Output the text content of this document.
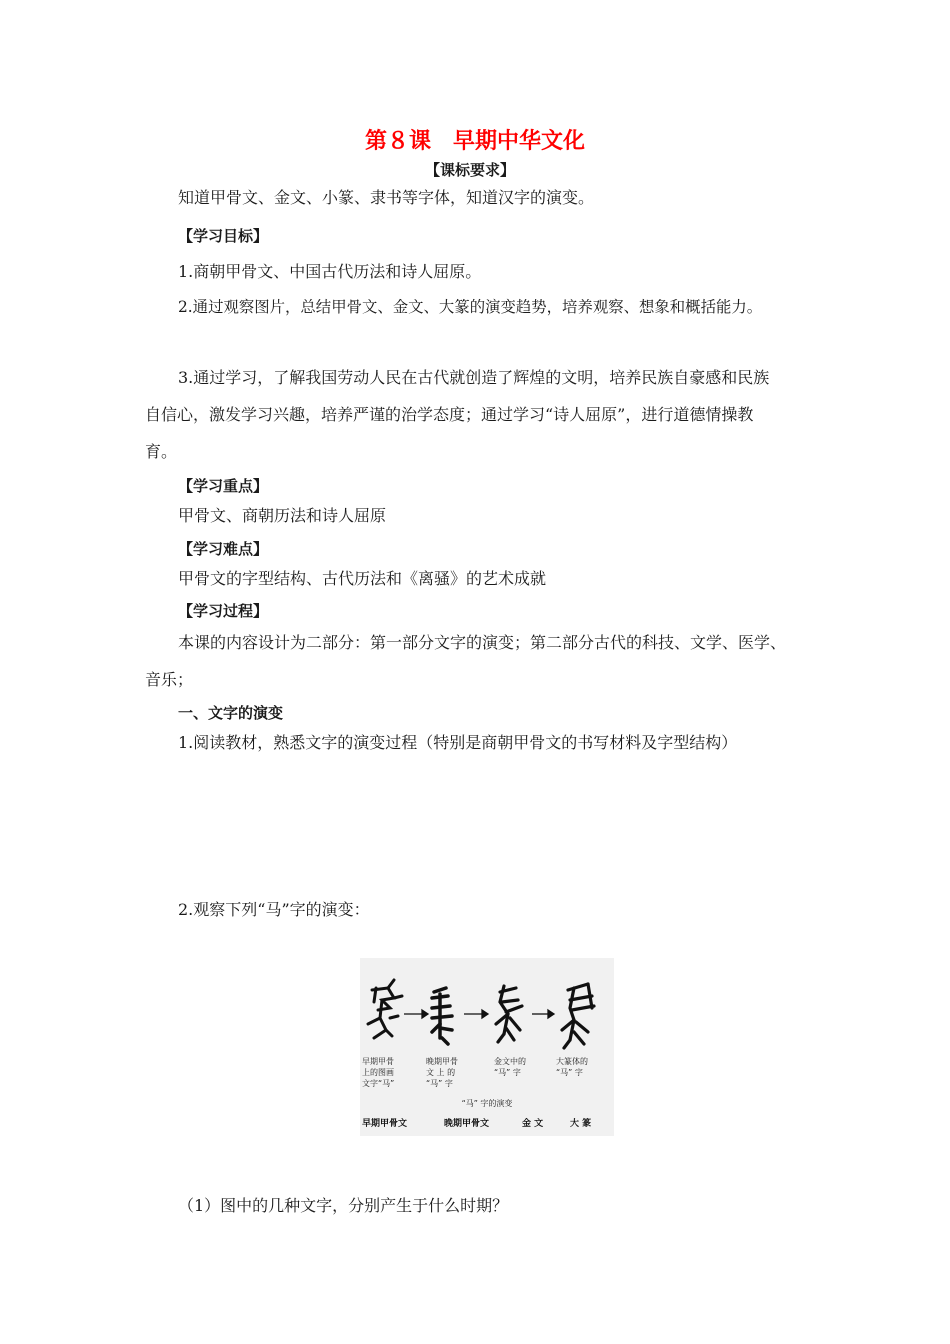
第８课　早期中华文化
【课标要求】
知道甲骨文、金文、小篆、隶书等字体，知道汉字的演变。
【学习目标】
1.商朝甲骨文、中国古代历法和诗人屈原。
2.通过观察图片，总结甲骨文、金文、大篆的演变趋势，培养观察、想象和概括能力。
3.通过学习，了解我国劳动人民在古代就创造了辉煌的文明，培养民族自豪感和民族
自信心，激发学习兴趣，培养严谨的治学态度；通过学习“诗人屈原”，进行道德情操教
育。
【学习重点】
甲骨文、商朝历法和诗人屈原
【学习难点】
甲骨文的字型结构、古代历法和《离骚》的艺术成就
【学习过程】
本课的内容设计为二部分：第一部分文字的演变；第二部分古代的科技、文学、医学、
音乐；
一、文字的演变
1.阅读教材，熟悉文字的演变过程（特别是商朝甲骨文的书写材料及字型结构）
2.观察下列“马”字的演变：
早期甲骨
上的图画
文字“马”
晚期甲骨
文 上 的
“马” 字
金文中的
“马” 字
大篆体的
“马” 字
“马” 字的演变
早期甲骨文	晚期甲骨文	金 文	大 篆
（1）图中的几种文字，分别产生于什么时期？
